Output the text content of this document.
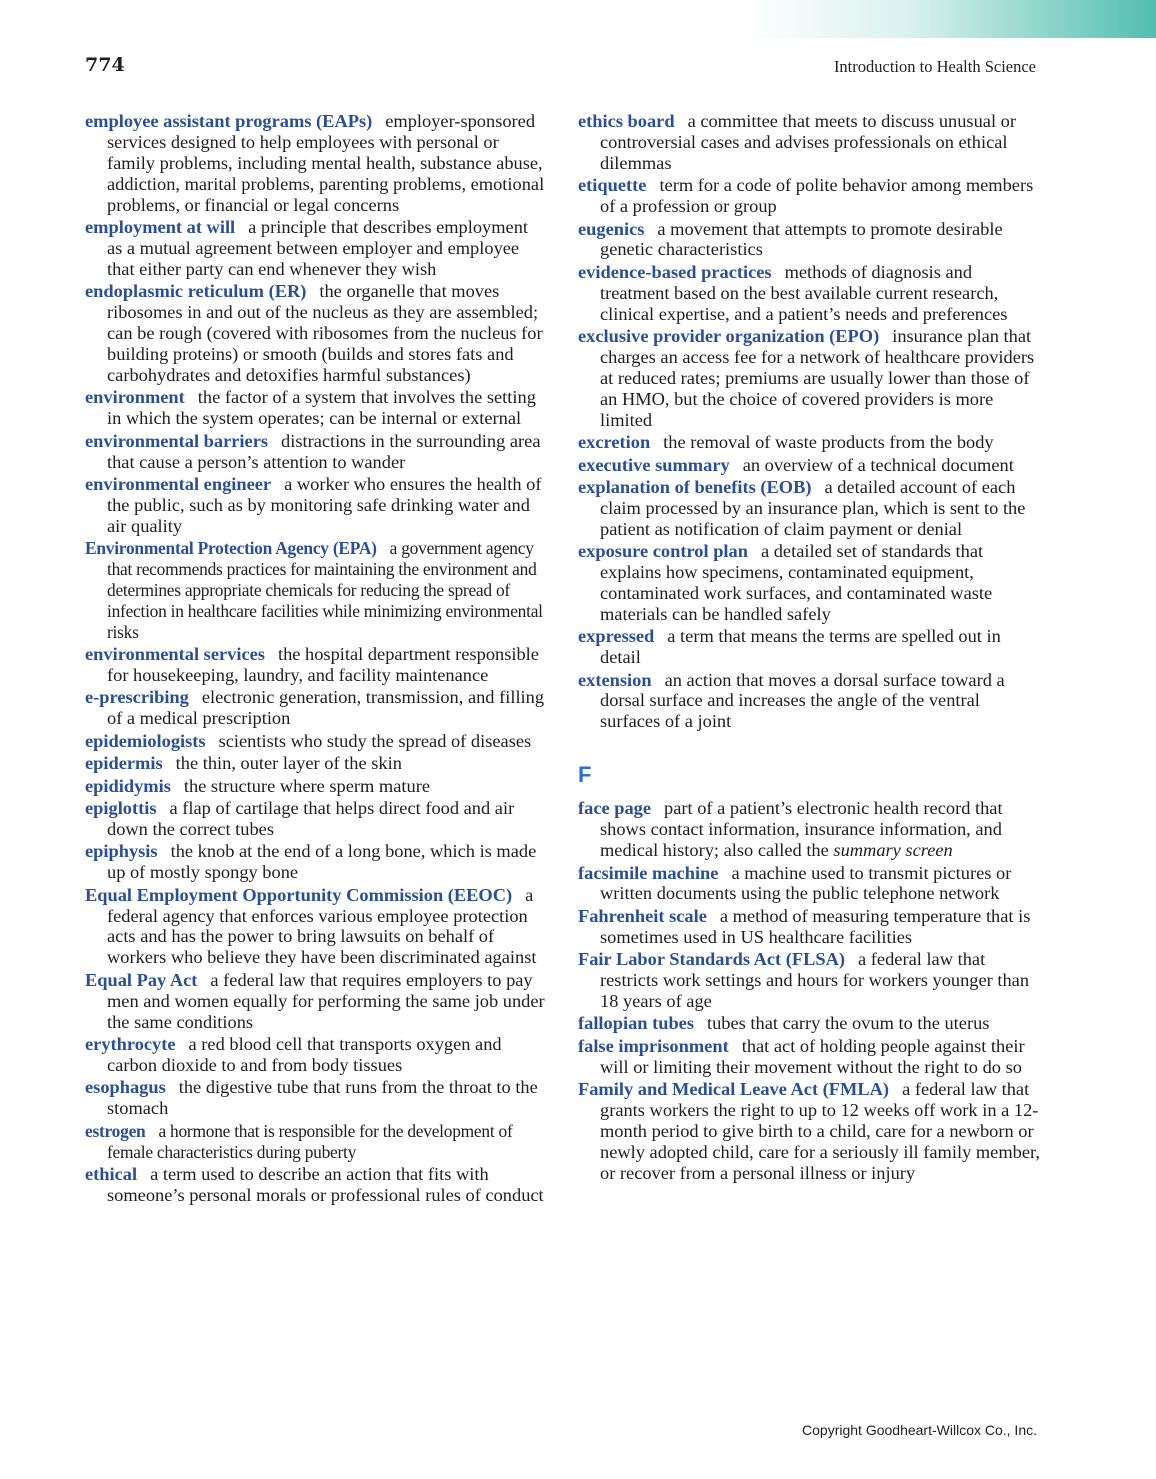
774	Introduction to Health Science

employee assistant programs (EAPs) employer-sponsored services designed to help employees with personal or family problems, including mental health, substance abuse, addiction, marital problems, parenting problems, emotional problems, or financial or legal concerns

employment at will a principle that describes employment as a mutual agreement between employer and employee that either party can end whenever they wish

endoplasmic reticulum (ER) the organelle that moves ribosomes in and out of the nucleus as they are assembled; can be rough (covered with ribosomes from the nucleus for building proteins) or smooth (builds and stores fats and carbohydrates and detoxifies harmful substances)

environment the factor of a system that involves the setting in which the system operates; can be internal or external

environmental barriers distractions in the surrounding area that cause a person’s attention to wander

environmental engineer a worker who ensures the health of the public, such as by monitoring safe drinking water and air quality

Environmental Protection Agency (EPA) a government agency that recommends practices for maintaining the environment and determines appropriate chemicals for reducing the spread of infection in healthcare facilities while minimizing environmental risks

environmental services the hospital department responsible for housekeeping, laundry, and facility maintenance

e-prescribing electronic generation, transmission, and filling of a medical prescription

epidemiologists scientists who study the spread of diseases

epidermis the thin, outer layer of the skin

epididymis the structure where sperm mature

epiglottis a flap of cartilage that helps direct food and air down the correct tubes

epiphysis the knob at the end of a long bone, which is made up of mostly spongy bone

Equal Employment Opportunity Commission (EEOC) a federal agency that enforces various employee protection acts and has the power to bring lawsuits on behalf of workers who believe they have been discriminated against

Equal Pay Act a federal law that requires employers to pay men and women equally for performing the same job under the same conditions

erythrocyte a red blood cell that transports oxygen and carbon dioxide to and from body tissues

esophagus the digestive tube that runs from the throat to the stomach

estrogen a hormone that is responsible for the development of female characteristics during puberty

ethical a term used to describe an action that fits with someone’s personal morals or professional rules of conduct

ethics board a committee that meets to discuss unusual or controversial cases and advises professionals on ethical dilemmas

etiquette term for a code of polite behavior among members of a profession or group

eugenics a movement that attempts to promote desirable genetic characteristics

evidence-based practices methods of diagnosis and treatment based on the best available current research, clinical expertise, and a patient’s needs and preferences

exclusive provider organization (EPO) insurance plan that charges an access fee for a network of healthcare providers at reduced rates; premiums are usually lower than those of an HMO, but the choice of covered providers is more limited

excretion the removal of waste products from the body

executive summary an overview of a technical document

explanation of benefits (EOB) a detailed account of each claim processed by an insurance plan, which is sent to the patient as notification of claim payment or denial

exposure control plan a detailed set of standards that explains how specimens, contaminated equipment, contaminated work surfaces, and contaminated waste materials can be handled safely

expressed a term that means the terms are spelled out in detail

extension an action that moves a dorsal surface toward a dorsal surface and increases the angle of the ventral surfaces of a joint

F

face page part of a patient’s electronic health record that shows contact information, insurance information, and medical history; also called the summary screen

facsimile machine a machine used to transmit pictures or written documents using the public telephone network

Fahrenheit scale a method of measuring temperature that is sometimes used in US healthcare facilities

Fair Labor Standards Act (FLSA) a federal law that restricts work settings and hours for workers younger than 18 years of age

fallopian tubes tubes that carry the ovum to the uterus

false imprisonment that act of holding people against their will or limiting their movement without the right to do so

Family and Medical Leave Act (FMLA) a federal law that grants workers the right to up to 12 weeks off work in a 12-month period to give birth to a child, care for a newborn or newly adopted child, care for a seriously ill family member, or recover from a personal illness or injury

Copyright Goodheart-Willcox Co., Inc.
